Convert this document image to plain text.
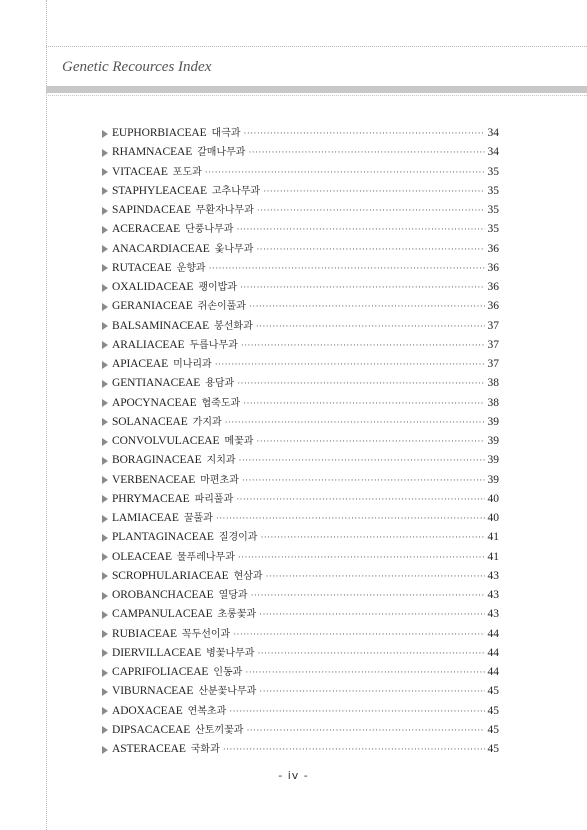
Genetic Recources Index
EUPHORBIACEAE 대극과 ·····	34
RHAMNACEAE 갈매나무과 ·····	34
VITACEAE 포도과 ·····	35
STAPHYLEACEAE 고추나무과 ·····	35
SAPINDACEAE 무환자나무과 ·····	35
ACERACEAE 단풍나무과 ·····	35
ANACARDIACEAE 옻나무과 ·····	36
RUTACEAE 운향과 ·····	36
OXALIDACEAE 괭이밥과 ·····	36
GERANIACEAE 쥐손이풀과 ·····	36
BALSAMINACEAE 봉선화과 ·····	37
ARALIACEAE 두릅나무과 ·····	37
APIACEAE 미나리과 ·····	37
GENTIANACEAE 용담과 ·····	38
APOCYNACEAE 협죽도과 ·····	38
SOLANACEAE 가지과 ·····	39
CONVOLVULACEAE 메꽃과 ·····	39
BORAGINACEAE 지치과 ·····	39
VERBENACEAE 마편초과 ·····	39
PHRYMACEAE 파리풀과 ·····	40
LAMIACEAE 꿀풀과 ·····	40
PLANTAGINACEAE 질경이과 ·····	41
OLEACEAE 물푸레나무과 ·····	41
SCROPHULARIACEAE 현삼과 ·····	43
OROBANCHACEAE 열당과 ·····	43
CAMPANULACEAE 초롱꽃과 ·····	43
RUBIACEAE 꼭두선이과 ·····	44
DIERVILLACEAE 병꽃나무과 ·····	44
CAPRIFOLIACEAE 인동과 ·····	44
VIBURNACEAE 산분꽃나무과 ·····	45
ADOXACEAE 연복초과 ·····	45
DIPSACACEAE 산토끼꽃과 ·····	45
ASTERACEAE 국화과 ·····	45
- iv -
